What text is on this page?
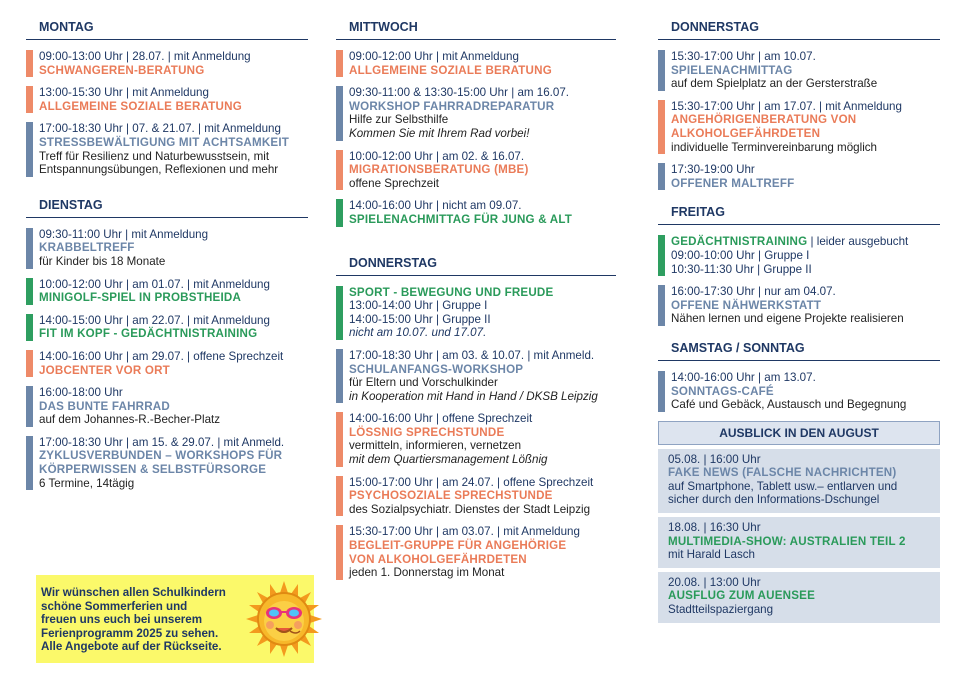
MONTAG
09:00-13:00 Uhr | 28.07. | mit Anmeldung
SCHWANGEREN-BERATUNG
13:00-15:30 Uhr | mit Anmeldung
ALLGEMEINE SOZIALE BERATUNG
17:00-18:30 Uhr | 07. & 21.07. | mit Anmeldung
STRESSBEWÄLTIGUNG MIT ACHTSAMKEIT
Treff für Resilienz und Naturbewusstsein, mit
Entspannungsübungen, Reflexionen und mehr
DIENSTAG
09:30-11:00 Uhr | mit Anmeldung
KRABBELTREFF
für Kinder bis 18 Monate
10:00-12:00 Uhr | am 01.07. | mit Anmeldung
MINIGOLF-SPIEL IN PROBSTHEIDA
14:00-15:00 Uhr | am 22.07. | mit Anmeldung
FIT IM KOPF - GEDÄCHTNISTRAINING
14:00-16:00 Uhr | am 29.07. | offene Sprechzeit
JOBCENTER VOR ORT
16:00-18:00 Uhr
DAS BUNTE FAHRRAD
auf dem Johannes-R.-Becher-Platz
17:00-18:30 Uhr | am 15. & 29.07. | mit Anmeld.
ZYKLUSVERBUNDEN – WORKSHOPS FÜR
KÖRPERWISSEN & SELBSTFÜRSORGE
6 Termine, 14tägig
Wir wünschen allen Schulkindern
schöne Sommerferien und
freuen uns euch bei unserem
Ferienprogramm 2025 zu sehen.
Alle Angebote auf der Rückseite.
MITTWOCH
09:00-12:00 Uhr | mit Anmeldung
ALLGEMEINE SOZIALE BERATUNG
09:30-11:00 & 13:30-15:00 Uhr | am 16.07.
WORKSHOP FAHRRADREPARATUR
Hilfe zur Selbsthilfe
Kommen Sie mit Ihrem Rad vorbei!
10:00-12:00 Uhr | am 02. & 16.07.
MIGRATIONSBERATUNG (MBE)
offene Sprechzeit
14:00-16:00 Uhr | nicht am 09.07.
SPIELENACHMITTAG FÜR JUNG & ALT
DONNERSTAG
SPORT - BEWEGUNG UND FREUDE
13:00-14:00 Uhr | Gruppe I
14:00-15:00 Uhr | Gruppe II
nicht am 10.07. und 17.07.
17:00-18:30 Uhr | am 03. & 10.07. | mit Anmeld.
SCHULANFANGS-WORKSHOP
für Eltern und Vorschulkinder
in Kooperation mit Hand in Hand / DKSB Leipzig
14:00-16:00 Uhr | offene Sprechzeit
LÖSSNIG SPRECHSTUNDE
vermitteln, informieren, vernetzen
mit dem Quartiersmanagement Lößnig
15:00-17:00 Uhr | am 24.07. | offene Sprechzeit
PSYCHOSOZIALE SPRECHSTUNDE
des Sozialpsychiatr. Dienstes der Stadt Leipzig
15:30-17:00 Uhr | am 03.07. | mit Anmeldung
BEGLEIT-GRUPPE FÜR ANGEHÖRIGE
VON ALKOHOLGEFÄHRDETEN
jeden 1. Donnerstag im Monat
DONNERSTAG
15:30-17:00 Uhr | am 10.07.
SPIELENACHMITTAG
auf dem Spielplatz an der Gersterstraße
15:30-17:00 Uhr | am 17.07. | mit Anmeldung
ANGEHÖRIGENBERATUNG VON
ALKOHOLGEFÄHRDETEN
individuelle Terminvereinbarung möglich
17:30-19:00 Uhr
OFFENER MALTREFF
FREITAG
GEDÄCHTNISTRAINING | leider ausgebucht
09:00-10:00 Uhr | Gruppe I
10:30-11:30 Uhr | Gruppe II
16:00-17:30 Uhr | nur am 04.07.
OFFENE NÄHWERKSTATT
Nähen lernen und eigene Projekte realisieren
SAMSTAG / SONNTAG
14:00-16:00 Uhr | am 13.07.
SONNTAGS-CAFÉ
Café und Gebäck, Austausch und Begegnung
AUSBLICK IN DEN AUGUST
05.08. | 16:00 Uhr
FAKE NEWS (FALSCHE NACHRICHTEN)
auf Smartphone, Tablett usw.– entlarven und
sicher durch den Informations-Dschungel
18.08. | 16:30 Uhr
MULTIMEDIA-SHOW: AUSTRALIEN TEIL 2
mit Harald Lasch
20.08. | 13:00 Uhr
AUSFLUG ZUM AUENSEE
Stadtteilspaziergang
